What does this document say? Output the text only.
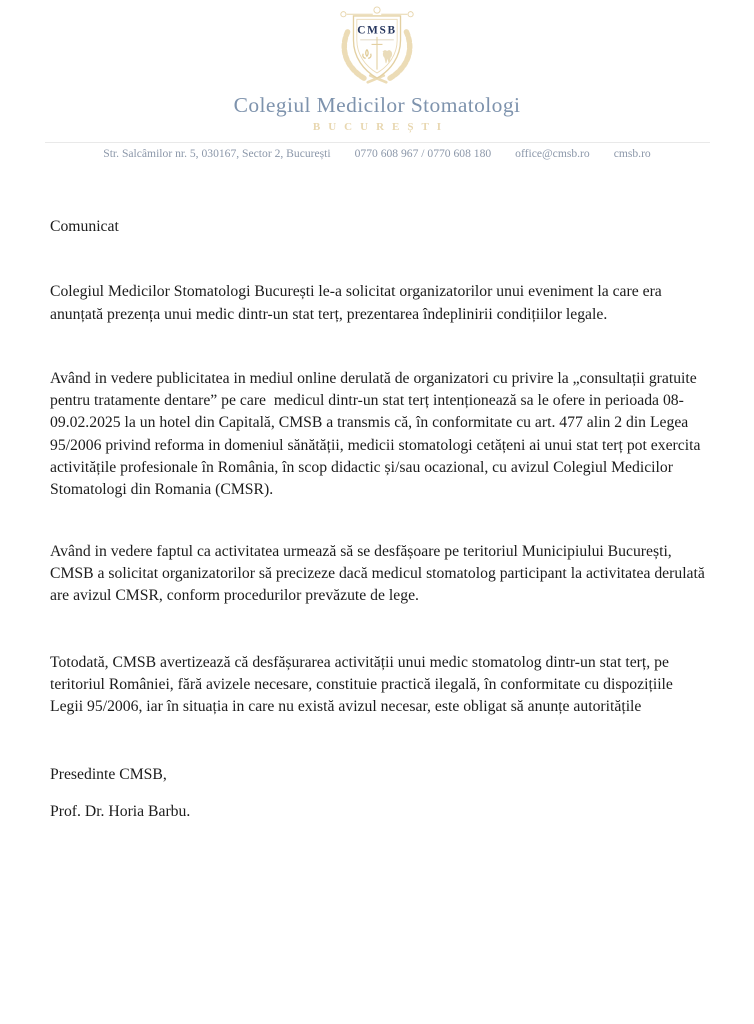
CMSB
Colegiul Medicilor Stomatologi
BUCUREȘTI
Str. Salcâmilor nr. 5, 030167, Sector 2, București 0770 608 967 / 0770 608 180 office@cmsb.ro cmsb.ro

Comunicat

Colegiul Medicilor Stomatologi București le-a solicitat organizatorilor unui eveniment la care era anunțată prezența unui medic dintr-un stat terț, prezentarea îndeplinirii condițiilor legale.

Având in vedere publicitatea in mediul online derulată de organizatori cu privire la „consultații gratuite pentru tratamente dentare” pe care  medicul dintr-un stat terț intenționează sa le ofere in perioada 08-09.02.2025 la un hotel din Capitală, CMSB a transmis că, în conformitate cu art. 477 alin 2 din Legea 95/2006 privind reforma in domeniul sănătății, medicii stomatologi cetățeni ai unui stat terț pot exercita activitățile profesionale în România, în scop didactic și/sau ocazional, cu avizul Colegiul Medicilor Stomatologi din Romania (CMSR).

Având in vedere faptul ca activitatea urmează să se desfășoare pe teritoriul Municipiului București, CMSB a solicitat organizatorilor să precizeze dacă medicul stomatolog participant la activitatea derulată are avizul CMSR, conform procedurilor prevăzute de lege.

Totodată, CMSB avertizează că desfășurarea activității unui medic stomatolog dintr-un stat terț, pe teritoriul României, fără avizele necesare, constituie practică ilegală, în conformitate cu dispozițiile Legii 95/2006, iar în situația in care nu există avizul necesar, este obligat să anunțe autoritățile

Presedinte CMSB,

Prof. Dr. Horia Barbu.
